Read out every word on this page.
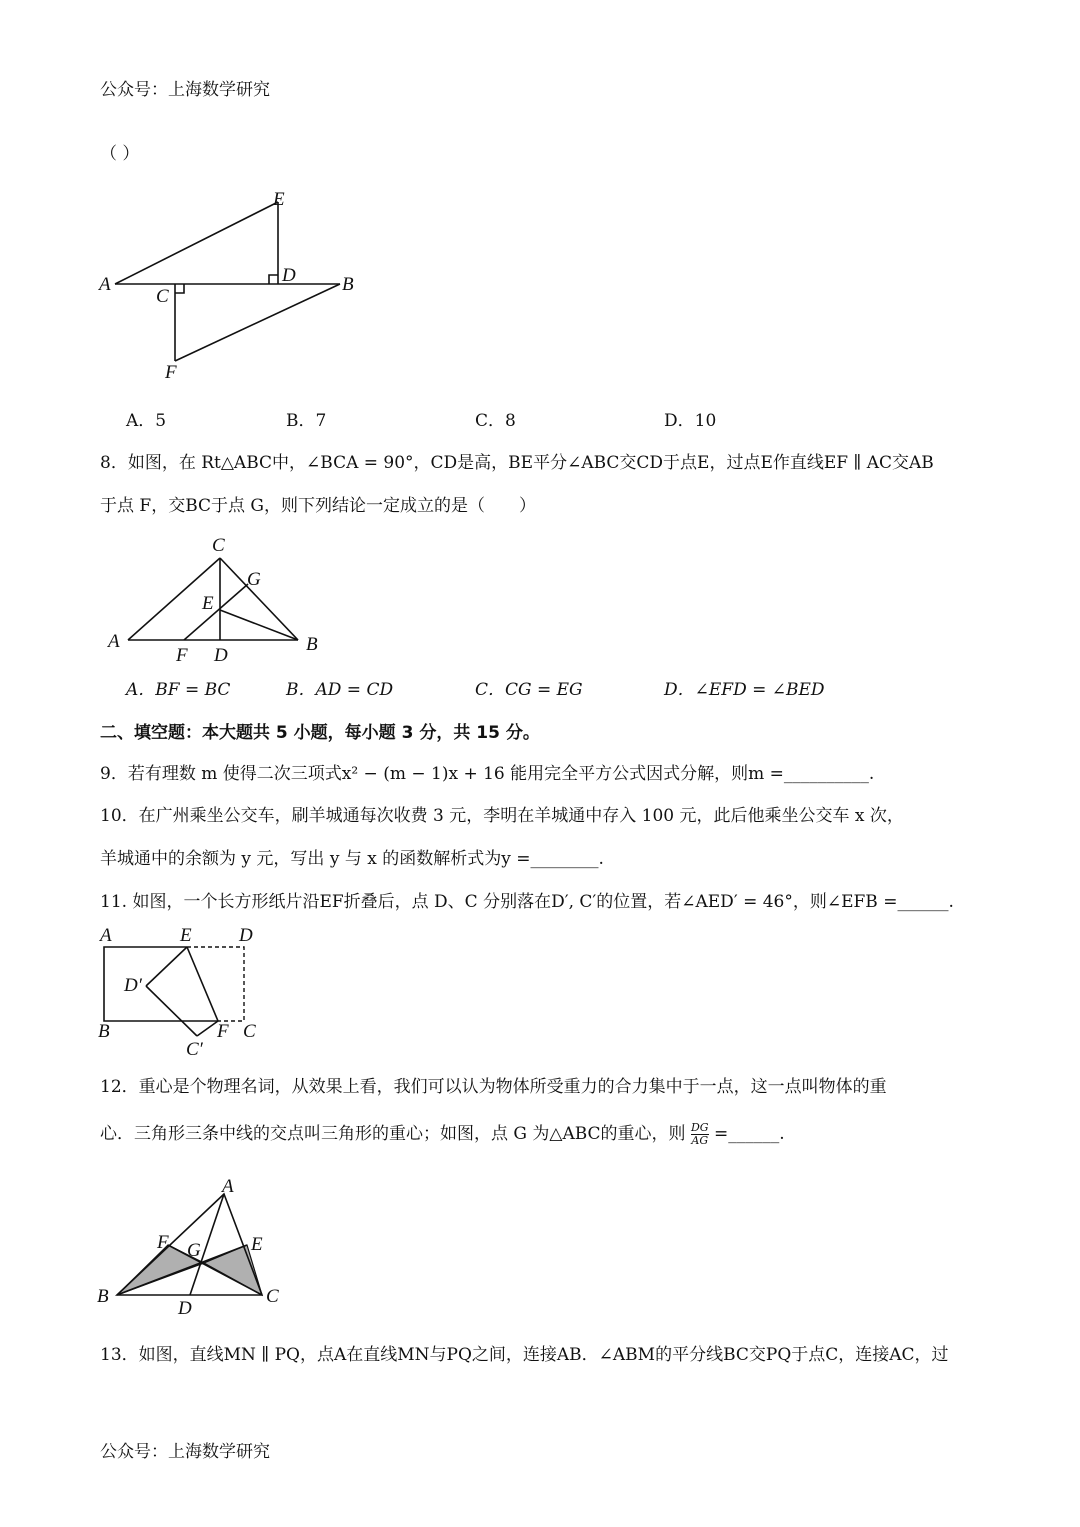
公众号：上海数学研究
（ ）
E
D
A
C
B
F
A．5	B．7	C．8	D．10
8．如图，在 Rt△ABC中，∠BCA = 90°，CD是高，BE平分∠ABC交CD于点E，过点E作直线EF ∥ AC交AB
于点 F，交BC于点 G，则下列结论一定成立的是（　　）
C
G
E
A	B
F D
A．BF = BC	B．AD = CD	C．CG = EG	D．∠EFD = ∠BED
二、填空题：本大题共 5 小题，每小题 3 分，共 15 分。
9．若有理数 m 使得二次三项式x² − (m − 1)x + 16 能用完全平方公式因式分解，则m =__________.
10．在广州乘坐公交车，刷羊城通每次收费 3 元，李明在羊城通中存入 100 元，此后他乘坐公交车 x 次，
羊城通中的余额为 y 元，写出 y 与 x 的函数解析式为y =________.
11. 如图，一个长方形纸片沿EF折叠后，点 D、C 分别落在D′, C′的位置，若∠AED′ = 46°，则∠EFB =______.
A	E D
D′
B	F C
C′
12．重心是个物理名词，从效果上看，我们可以认为物体所受重力的合力集中于一点，这一点叫物体的重
心．三角形三条中线的交点叫三角形的重心；如图，点 G 为△ABC的重心，则 $\frac{DG}{AG}$ =______.
A
F G	E
B
D
C
13．如图，直线MN ∥ PQ，点A在直线MN与PQ之间，连接AB．∠ABM的平分线BC交PQ于点C，连接AC，过
公众号：上海数学研究
